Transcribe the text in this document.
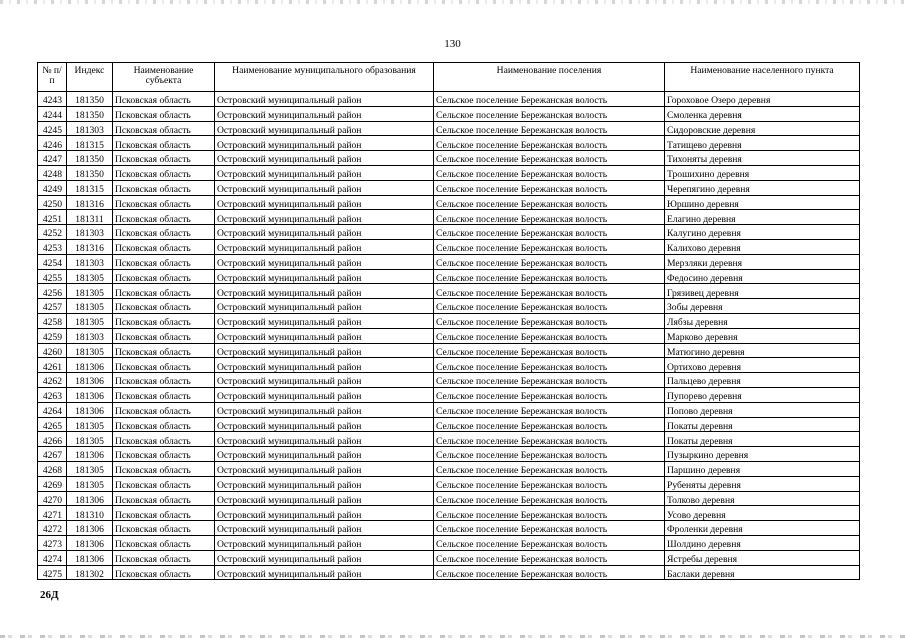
130
№ п/п	Индекс	Наименование субъекта	Наименование муниципального образования	Наименование поселения	Наименование населенного пункта
4243	181350	Псковская область	Островский муниципальный район	Сельское поселение Бережанская волость	Гороховое Озеро деревня
4244	181350	Псковская область	Островский муниципальный район	Сельское поселение Бережанская волость	Смоленка деревня
4245	181303	Псковская область	Островский муниципальный район	Сельское поселение Бережанская волость	Сидоровские деревня
4246	181315	Псковская область	Островский муниципальный район	Сельское поселение Бережанская волость	Татищево деревня
4247	181350	Псковская область	Островский муниципальный район	Сельское поселение Бережанская волость	Тихоняты деревня
4248	181350	Псковская область	Островский муниципальный район	Сельское поселение Бережанская волость	Трошихино деревня
4249	181315	Псковская область	Островский муниципальный район	Сельское поселение Бережанская волость	Черепягино деревня
4250	181316	Псковская область	Островский муниципальный район	Сельское поселение Бережанская волость	Юршино деревня
4251	181311	Псковская область	Островский муниципальный район	Сельское поселение Бережанская волость	Елагино деревня
4252	181303	Псковская область	Островский муниципальный район	Сельское поселение Бережанская волость	Калугино деревня
4253	181316	Псковская область	Островский муниципальный район	Сельское поселение Бережанская волость	Калихово деревня
4254	181303	Псковская область	Островский муниципальный район	Сельское поселение Бережанская волость	Мерзляки деревня
4255	181305	Псковская область	Островский муниципальный район	Сельское поселение Бережанская волость	Федосино деревня
4256	181305	Псковская область	Островский муниципальный район	Сельское поселение Бережанская волость	Грязивец деревня
4257	181305	Псковская область	Островский муниципальный район	Сельское поселение Бережанская волость	Зобы деревня
4258	181305	Псковская область	Островский муниципальный район	Сельское поселение Бережанская волость	Лябзы деревня
4259	181303	Псковская область	Островский муниципальный район	Сельское поселение Бережанская волость	Марково деревня
4260	181305	Псковская область	Островский муниципальный район	Сельское поселение Бережанская волость	Матюгино деревня
4261	181306	Псковская область	Островский муниципальный район	Сельское поселение Бережанская волость	Ортихово деревня
4262	181306	Псковская область	Островский муниципальный район	Сельское поселение Бережанская волость	Пальцево деревня
4263	181306	Псковская область	Островский муниципальный район	Сельское поселение Бережанская волость	Пупорево деревня
4264	181306	Псковская область	Островский муниципальный район	Сельское поселение Бережанская волость	Попово деревня
4265	181305	Псковская область	Островский муниципальный район	Сельское поселение Бережанская волость	Покаты деревня
4266	181305	Псковская область	Островский муниципальный район	Сельское поселение Бережанская волость	Покаты деревня
4267	181306	Псковская область	Островский муниципальный район	Сельское поселение Бережанская волость	Пузыркино деревня
4268	181305	Псковская область	Островский муниципальный район	Сельское поселение Бережанская волость	Паршино деревня
4269	181305	Псковская область	Островский муниципальный район	Сельское поселение Бережанская волость	Рубеняты деревня
4270	181306	Псковская область	Островский муниципальный район	Сельское поселение Бережанская волость	Толково деревня
4271	181310	Псковская область	Островский муниципальный район	Сельское поселение Бережанская волость	Усово деревня
4272	181306	Псковская область	Островский муниципальный район	Сельское поселение Бережанская волость	Фроленки деревня
4273	181306	Псковская область	Островский муниципальный район	Сельское поселение Бережанская волость	Шолдино деревня
4274	181306	Псковская область	Островский муниципальный район	Сельское поселение Бережанская волость	Ястребы деревня
4275	181302	Псковская область	Островский муниципальный район	Сельское поселение Бережанская волость	Баслаки деревня
26Д
